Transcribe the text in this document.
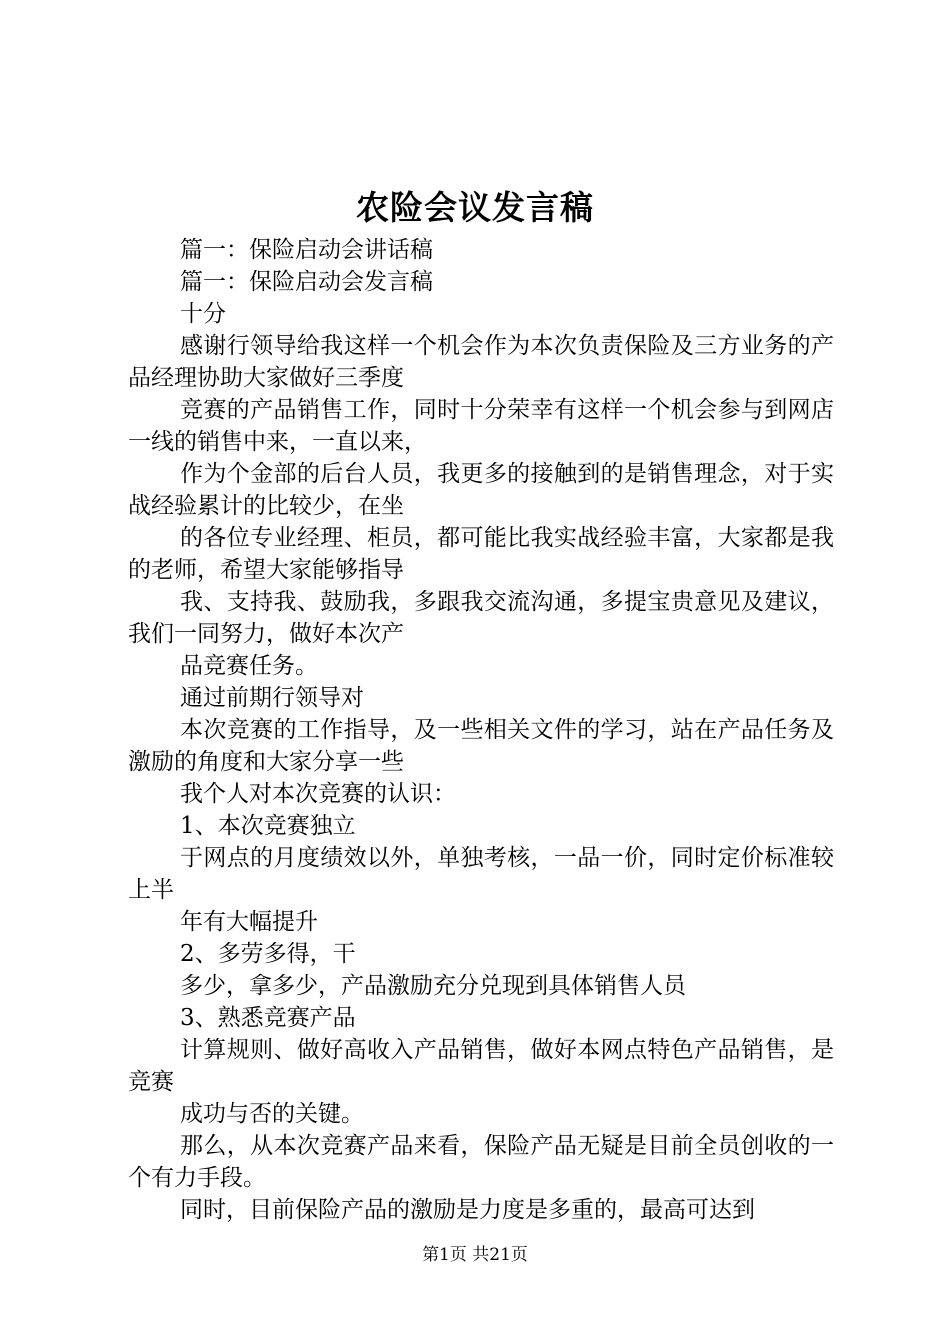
农险会议发言稿

篇一：保险启动会讲话稿

篇一：保险启动会发言稿

十分

感谢行领导给我这样一个机会作为本次负责保险及三方业务的产品经理协助大家做好三季度

竞赛的产品销售工作，同时十分荣幸有这样一个机会参与到网店一线的销售中来，一直以来，

作为个金部的后台人员，我更多的接触到的是销售理念，对于实战经验累计的比较少，在坐

的各位专业经理、柜员，都可能比我实战经验丰富，大家都是我的老师，希望大家能够指导

我、支持我、鼓励我，多跟我交流沟通，多提宝贵意见及建议，我们一同努力，做好本次产

品竞赛任务。

通过前期行领导对

本次竞赛的工作指导，及一些相关文件的学习，站在产品任务及激励的角度和大家分享一些

我个人对本次竞赛的认识：

1、本次竞赛独立

于网点的月度绩效以外，单独考核，一品一价，同时定价标准较上半

年有大幅提升

2、多劳多得，干

多少，拿多少，产品激励充分兑现到具体销售人员

3、熟悉竞赛产品

计算规则、做好高收入产品销售，做好本网点特色产品销售，是竞赛

成功与否的关键。

那么，从本次竞赛产品来看，保险产品无疑是目前全员创收的一个有力手段。

同时，目前保险产品的激励是力度是多重的，最高可达到

第1页 共21页
